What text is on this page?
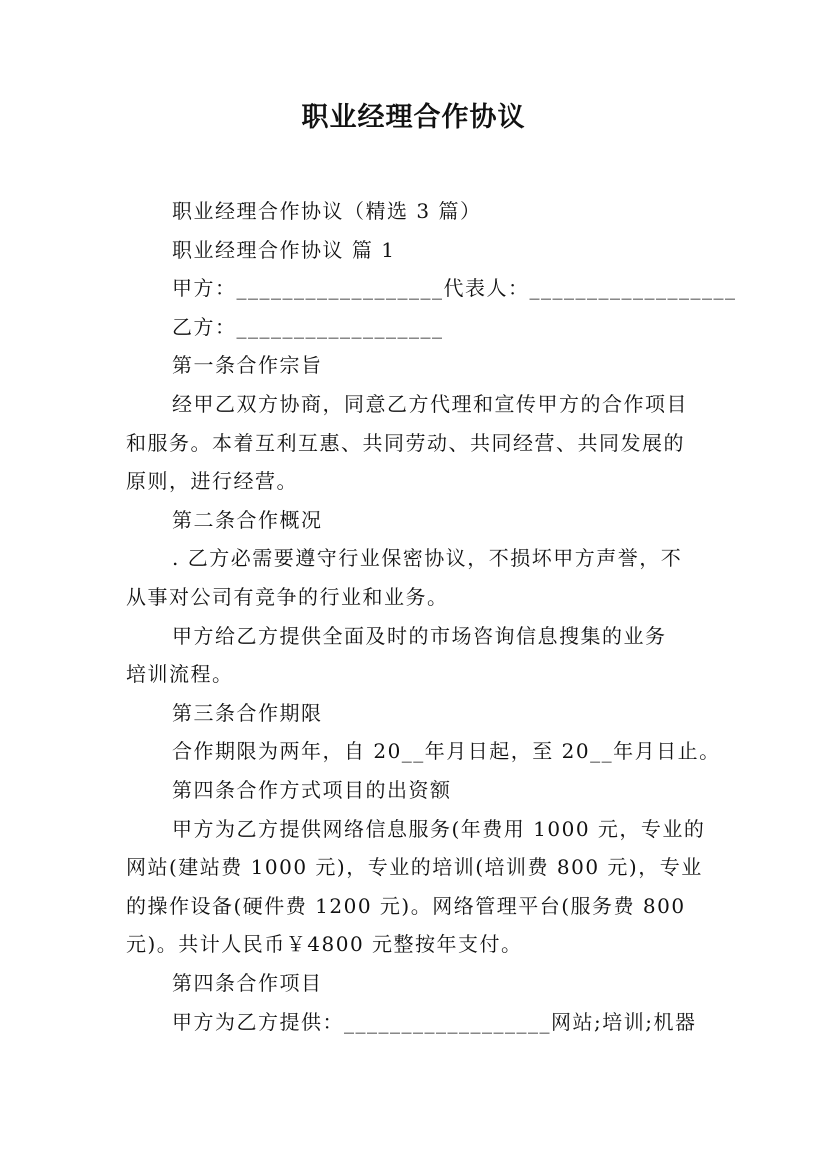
职业经理合作协议
职业经理合作协议（精选 3 篇）
职业经理合作协议 篇 1
甲方：__________________代表人：__________________
乙方：__________________
第一条合作宗旨
经甲乙双方协商，同意乙方代理和宣传甲方的合作项目
和服务。本着互利互惠、共同劳动、共同经营、共同发展的
原则，进行经营。
第二条合作概况
. 乙方必需要遵守行业保密协议，不损坏甲方声誉，不
从事对公司有竞争的行业和业务。
甲方给乙方提供全面及时的市场咨询信息搜集的业务
培训流程。
第三条合作期限
合作期限为两年，自 20__年月日起，至 20__年月日止。
第四条合作方式项目的出资额
甲方为乙方提供网络信息服务(年费用 1000 元，专业的
网站(建站费 1000 元)，专业的培训(培训费 800 元)，专业
的操作设备(硬件费 1200 元)。网络管理平台(服务费 800
元)。共计人民币￥4800 元整按年支付。
第四条合作项目
甲方为乙方提供：__________________网站;培训;机器
